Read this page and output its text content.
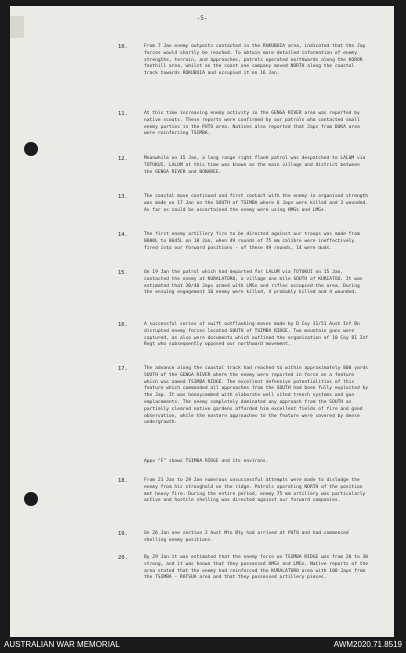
-5-
10.	From 7 Jan enemy outposts contacted in the RUKUBOIA area, indicated that the Jap forces would shortly be reached. To obtain more detailed information of enemy strengths, terrain, and approaches, patrols operated northwards along the KOROR foothill area, whilst on the coast one company moved NORTH along the coastal track towards ROKUBOIA and occupied it on 16 Jan.
11.	At this time increasing enemy activity in the GENGA RIVER area was reported by native scouts. These reports were confirmed by our patrols who contacted small enemy parties in the PUTO area. Natives also reported that Japs from BUKA area were reinforcing TSIMBA.
12.	Meanwhile on 15 Jan, a long range right flank patrol was despatched to LALUM via TOTUKUI. LALUM at this time was known as the main village and district between the GENGA RIVER and BONAREE.
13.	The coastal move continued and first contact with the enemy in organised strength was made on 17 Jan on the SOUTH of TSIMBA where 6 Japs were killed and 3 wounded. As far as could be ascertained the enemy were using HMGs and LMGs.
14.	The first enemy artillery fire to be directed against our troops was made from 0600L to 0645L on 18 Jan, when 49 rounds of 75 mm calibre were ineffectively fired into our forward positions - of these 49 rounds, 14 were duds.
15.	On 19 Jan the patrol which had departed for LALUM via TOTUKUI on 15 Jan, contacted the enemy at KURALATORO, a village one mile SOUTH of KURIATOO. It was estimated that 30/40 Japs armed with LMGs and rifles occupied the area. During the ensuing engagement 10 enemy were killed, 4 probably killed and 4 wounded.
16.	A successful series of swift outflanking moves made by D Coy 31/51 Aust Inf Bn disrupted enemy forces located SOUTH of TSIMBA RIDGE. Two mountain guns were captured, as also were documents which outlined the organisation of 10 Coy 81 Inf Regt who subsequently opposed our northward movement.
17.	The advance along the coastal track had reached to within approximately 800 yards SOUTH of the GENGA RIVER where the enemy were reported in force on a feature which was named TSIMBA RIDGE. The excellent defensive potentialities of this feature which commanded all approaches from the SOUTH had been fully exploited by the Jap. It was honeycombed with elaborate well sited trench systems and gun emplacements. The enemy completely dominated any approach from the SOUTH as partially cleared native gardens afforded him excellent fields of fire and good observation, while the eastern approaches to the feature were covered by dense undergrowth.
Appx "F" shows TSIMBA RIDGE and its environs.
18.	From 21 Jan to 29 Jan numerous unsuccessful attempts were made to dislodge the enemy from his stronghold on the ridge. Patrols operating NORTH of the position met heavy fire. During the entire period, enemy 75 mm artillery was particularly active and hostile shelling was directed against our forward companies.
19.	On 26 Jan one section 2 Aust Mtn Bty had arrived at PUTO and had commenced shelling enemy positions.
20.	By 29 Jan it was estimated that the enemy force on TSIMBA RIDGE was from 20 to 30 strong, and it was known that they possessed HMGs and LMGs. Native reports of the area stated that the enemy had reinforced the KURALATORO area with 100 Japs from the TSIMBA - RATSUA area and that they possessed artillery pieces.
AUSTRALIAN WAR MEMORIAL	AWM2020.71.8519
